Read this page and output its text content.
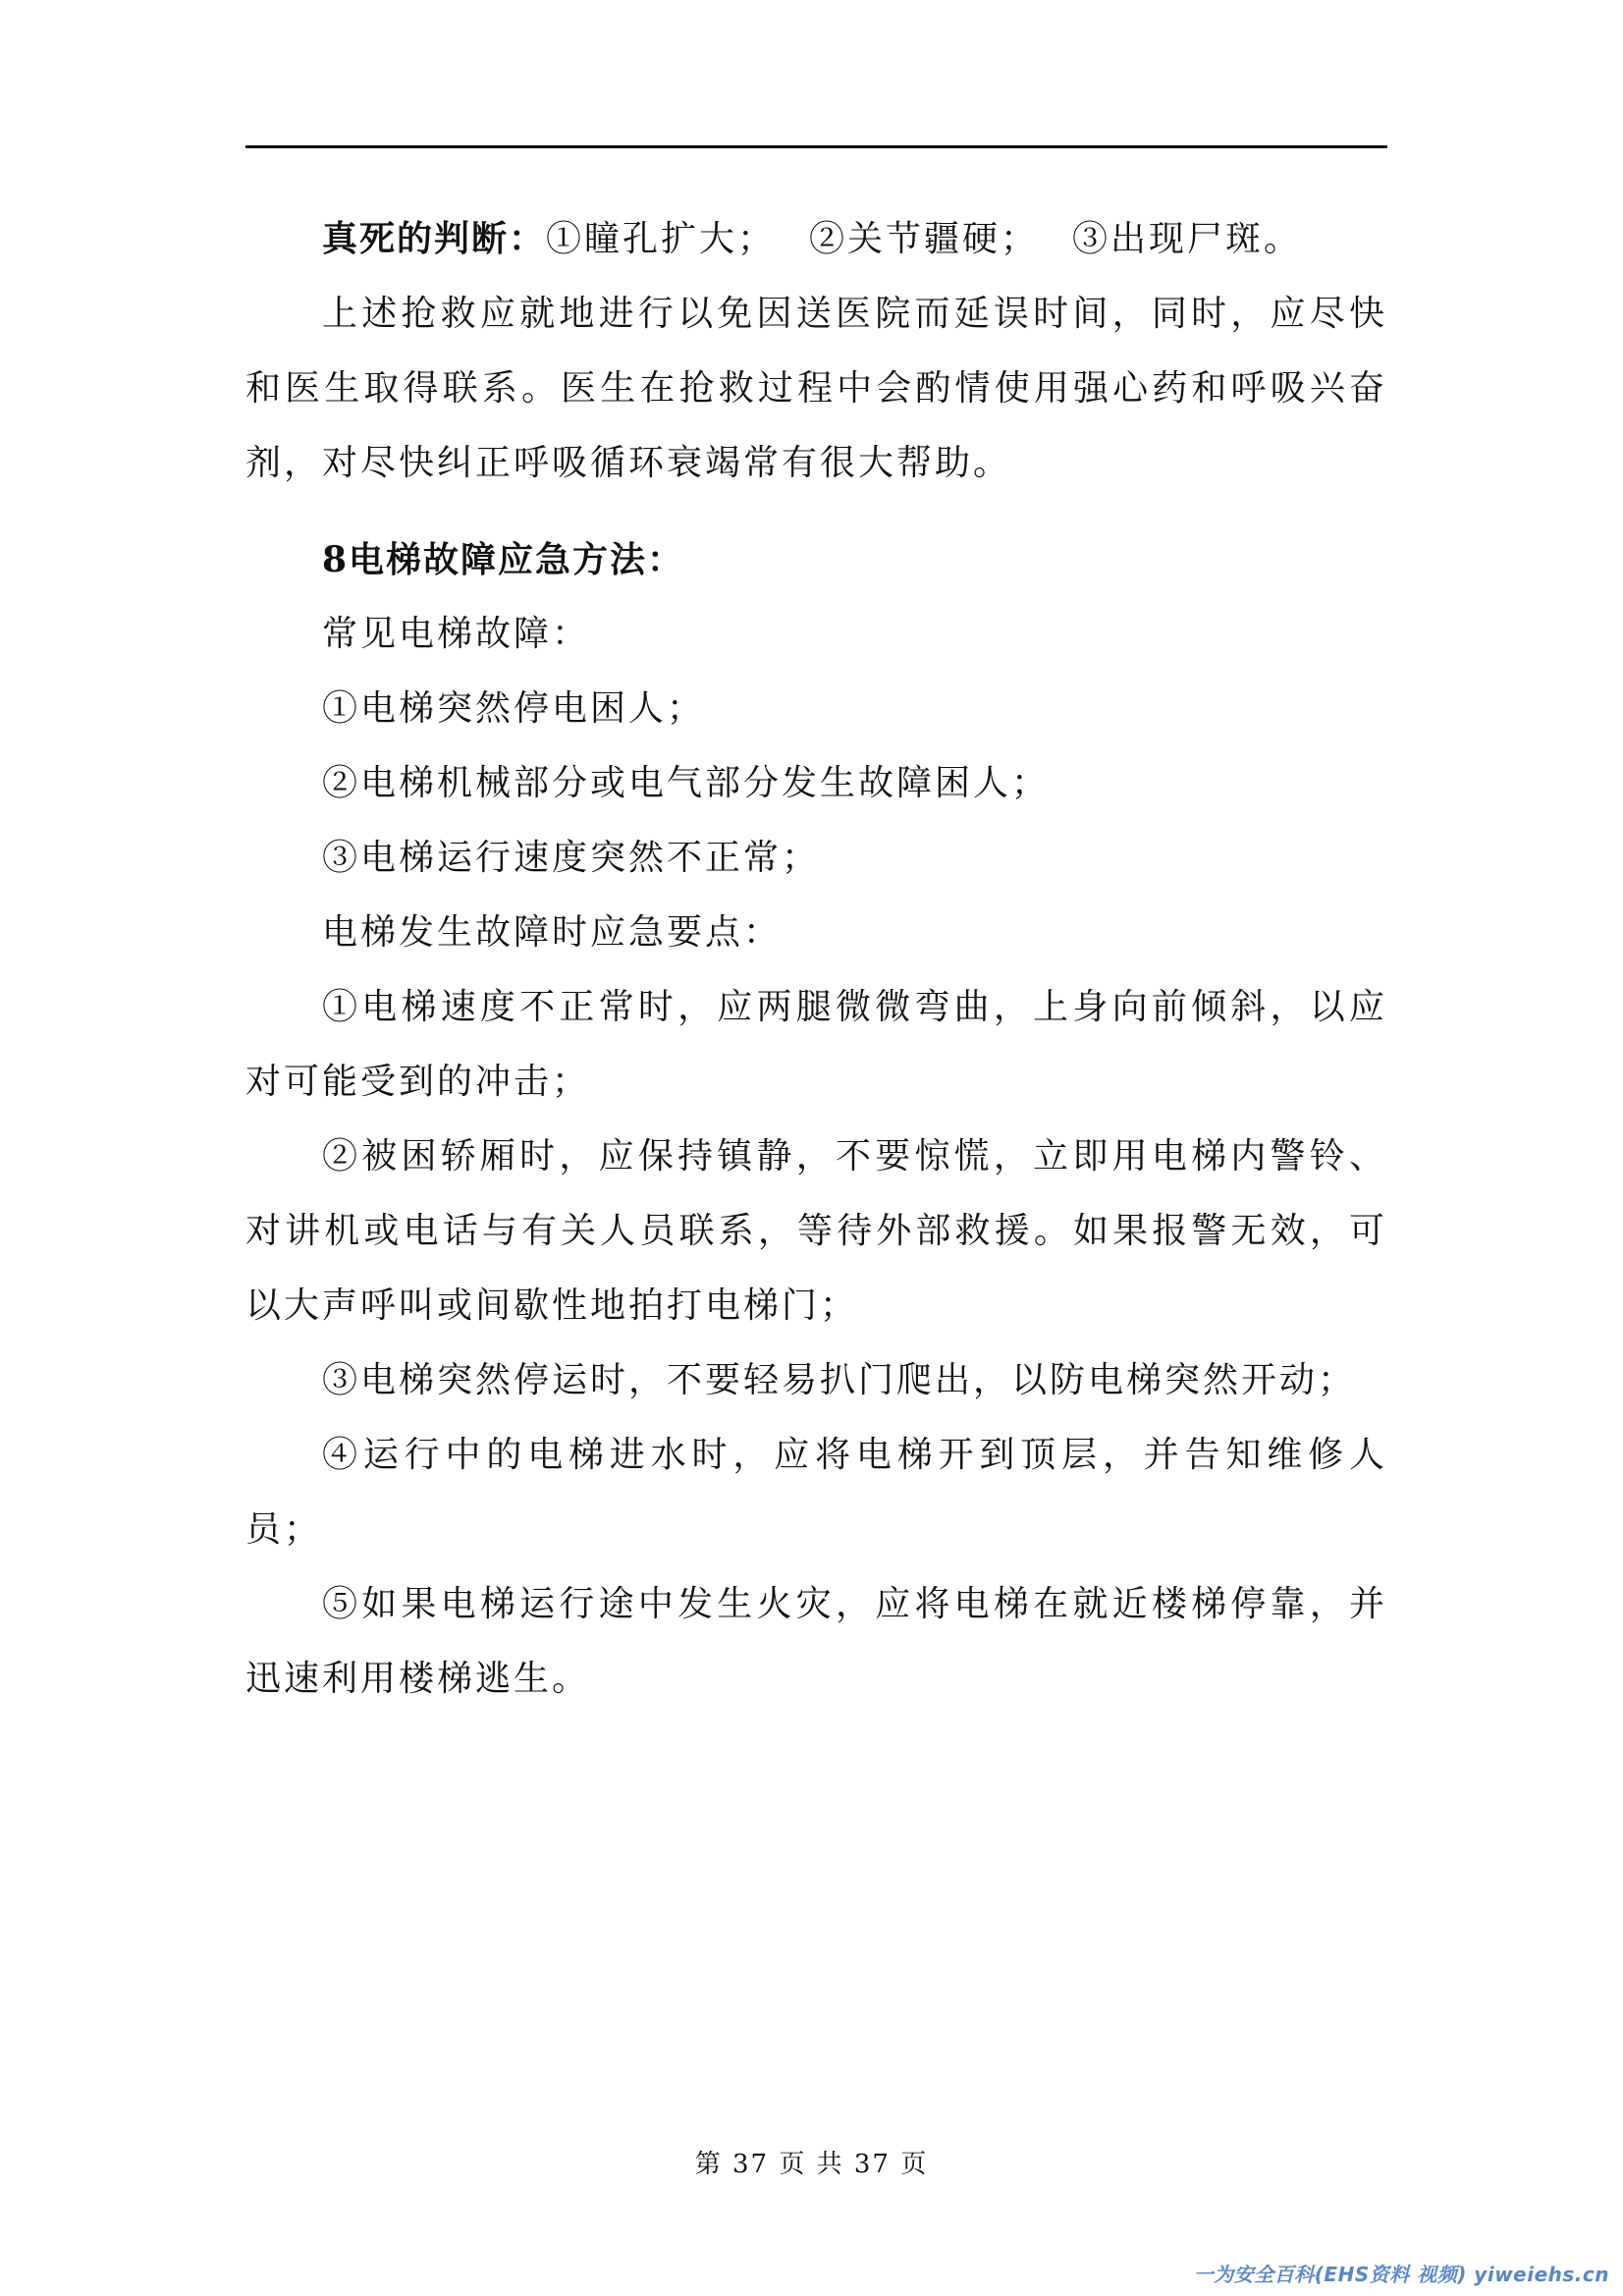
真死的判断：①瞳孔扩大； ②关节疆硬； ③出现尸斑。

上述抢救应就地进行以免因送医院而延误时间，同时，应尽快和医生取得联系。医生在抢救过程中会酌情使用强心药和呼吸兴奋剂，对尽快纠正呼吸循环衰竭常有很大帮助。

8电梯故障应急方法：

常见电梯故障：

①电梯突然停电困人；

②电梯机械部分或电气部分发生故障困人；

③电梯运行速度突然不正常；

电梯发生故障时应急要点：

①电梯速度不正常时，应两腿微微弯曲，上身向前倾斜，以应对可能受到的冲击；

②被困轿厢时，应保持镇静，不要惊慌，立即用电梯内警铃、对讲机或电话与有关人员联系，等待外部救援。如果报警无效，可以大声呼叫或间歇性地拍打电梯门；

③电梯突然停运时，不要轻易扒门爬出，以防电梯突然开动；

④运行中的电梯进水时，应将电梯开到顶层，并告知维修人员；

⑤如果电梯运行途中发生火灾，应将电梯在就近楼梯停靠，并迅速利用楼梯逃生。

第 37 页 共 37 页
一为安全百科(EHS资料 视频) yiweiehs.cn
